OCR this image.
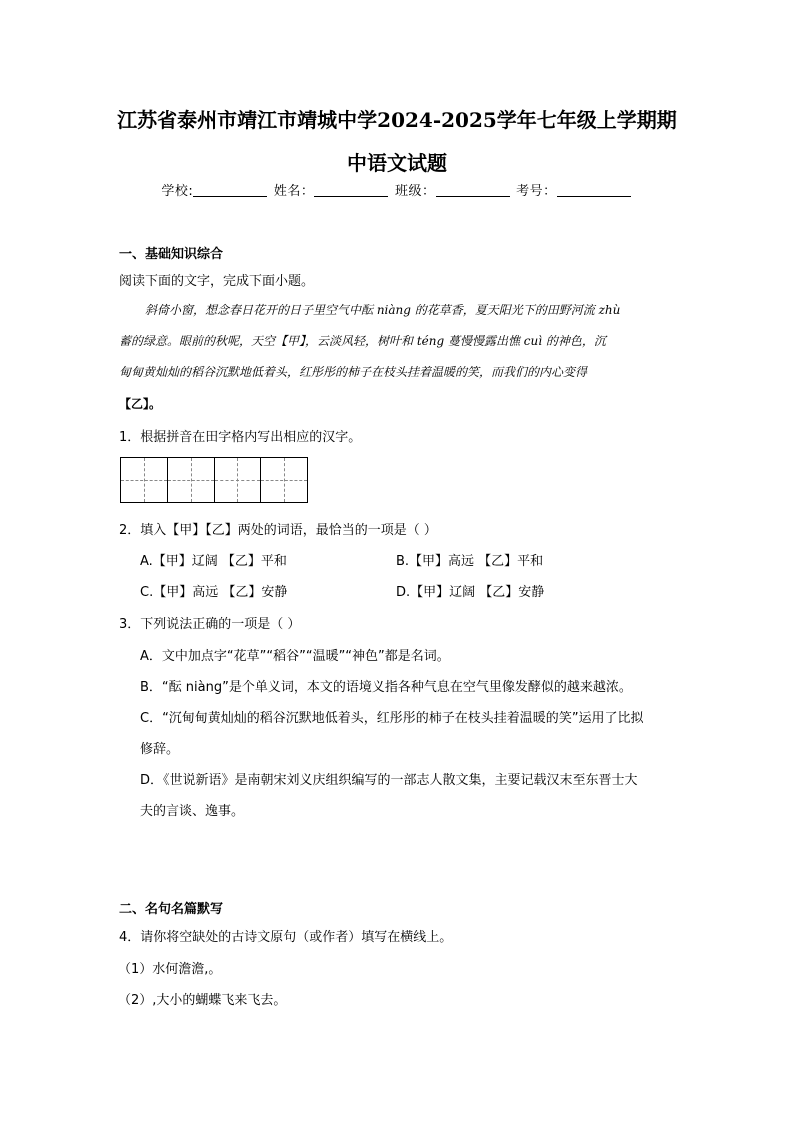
江苏省泰州市靖江市靖城中学2024-2025学年七年级上学期期
中语文试题
学校:	姓名：	班级：	考号：
一、基础知识综合
阅读下面的文字，完成下面小题。
斜倚小窗，想念春日花开的日子里空气中酝 niàng 的花草香，夏天阳光下的田野河流 zhù
蓄的绿意。眼前的秋呢，天空【甲】，云淡风轻，树叶和 téng 蔓慢慢露出憔 cuì 的神色，沉
甸甸黄灿灿的稻谷沉默地低着头，红彤彤的柿子在枝头挂着温暖的笑，而我们的内心变得
【乙】。
1．根据拼音在田字格内写出相应的汉字。
2．填入【甲】【乙】两处的词语，最恰当的一项是（ ）
A.【甲】辽阔 【乙】平和	B.【甲】高远 【乙】平和
C.【甲】高远 【乙】安静	D.【甲】辽阔 【乙】安静
3．下列说法正确的一项是（ ）
A．文中加点字“花草”“稻谷”“温暖”“神色”都是名词。
B．“酝 niàng”是个单义词，本文的语境义指各种气息在空气里像发酵似的越来越浓。
C．“沉甸甸黄灿灿的稻谷沉默地低着头，红彤彤的柿子在枝头挂着温暖的笑”运用了比拟
修辞。
D．《世说新语》是南朝宋刘义庆组织编写的一部志人散文集，主要记载汉末至东晋士大
夫的言谈、逸事。
二、名句名篇默写
4．请你将空缺处的古诗文原句（或作者）填写在横线上。
（1）水何澹澹,。
（2）,大小的蝴蝶飞来飞去。
